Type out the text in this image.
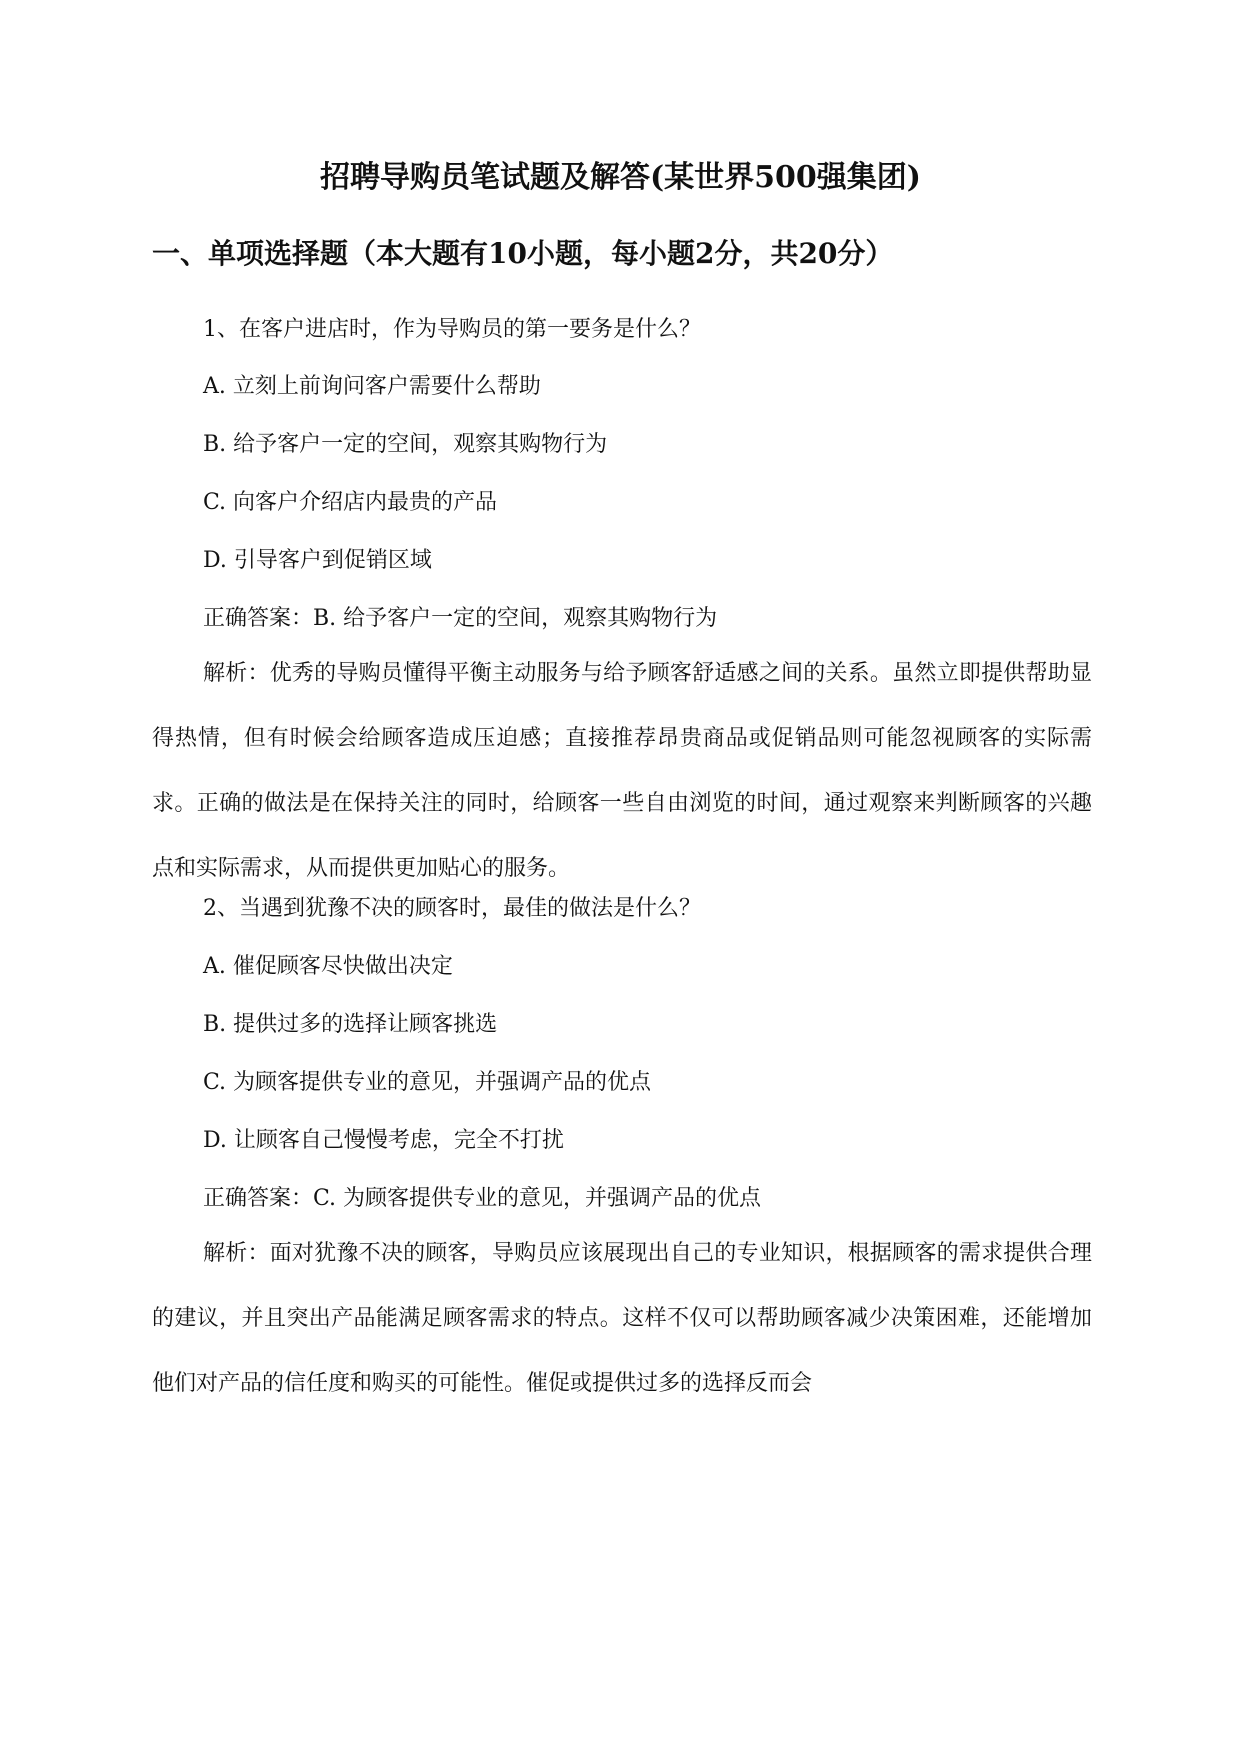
招聘导购员笔试题及解答(某世界500强集团)
一、单项选择题（本大题有10小题，每小题2分，共20分）

1、在客户进店时，作为导购员的第一要务是什么？

A. 立刻上前询问客户需要什么帮助

B. 给予客户一定的空间，观察其购物行为

C. 向客户介绍店内最贵的产品

D. 引导客户到促销区域

正确答案：B. 给予客户一定的空间，观察其购物行为

解析：优秀的导购员懂得平衡主动服务与给予顾客舒适感之间的关系。虽然立即提供帮助显得热情，但有时候会给顾客造成压迫感；直接推荐昂贵商品或促销品则可能忽视顾客的实际需求。正确的做法是在保持关注的同时，给顾客一些自由浏览的时间，通过观察来判断顾客的兴趣点和实际需求，从而提供更加贴心的服务。

2、当遇到犹豫不决的顾客时，最佳的做法是什么？

A. 催促顾客尽快做出决定

B. 提供过多的选择让顾客挑选

C. 为顾客提供专业的意见，并强调产品的优点

D. 让顾客自己慢慢考虑，完全不打扰

正确答案：C. 为顾客提供专业的意见，并强调产品的优点

解析：面对犹豫不决的顾客，导购员应该展现出自己的专业知识，根据顾客的需求提供合理的建议，并且突出产品能满足顾客需求的特点。这样不仅可以帮助顾客减少决策困难，还能增加他们对产品的信任度和购买的可能性。催促或提供过多的选择反而会
